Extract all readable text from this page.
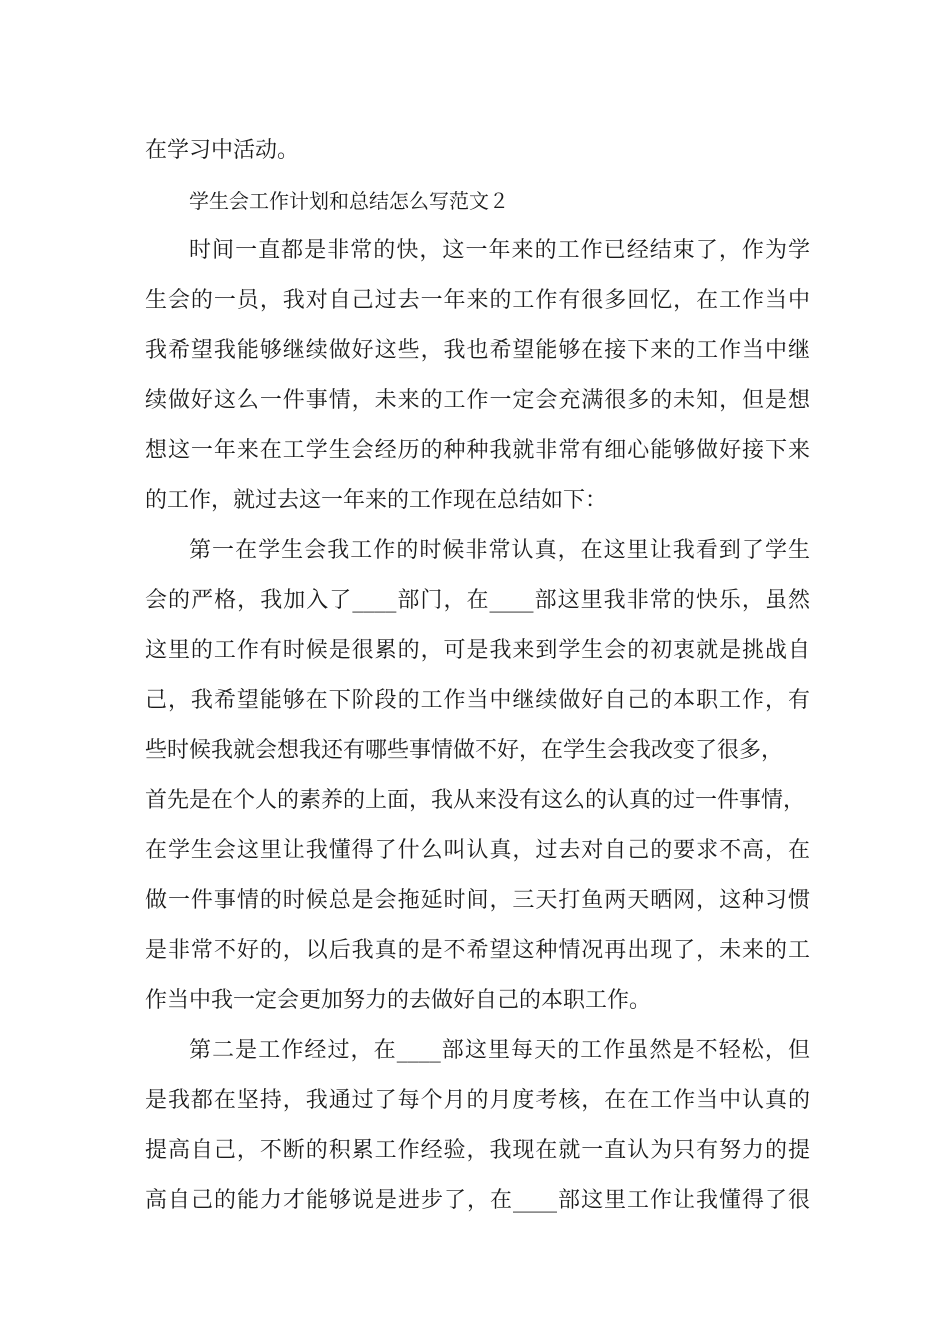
在学习中活动。
学生会工作计划和总结怎么写范文２
时间一直都是非常的快，这一年来的工作已经结束了，作为学
生会的一员，我对自己过去一年来的工作有很多回忆，在工作当中
我希望我能够继续做好这些，我也希望能够在接下来的工作当中继
续做好这么一件事情，未来的工作一定会充满很多的未知，但是想
想这一年来在工学生会经历的种种我就非常有细心能够做好接下来
的工作，就过去这一年来的工作现在总结如下：
第一在学生会我工作的时候非常认真，在这里让我看到了学生
会的严格，我加入了____部门，在____部这里我非常的快乐，虽然
这里的工作有时候是很累的，可是我来到学生会的初衷就是挑战自
己，我希望能够在下阶段的工作当中继续做好自己的本职工作，有
些时候我就会想我还有哪些事情做不好，在学生会我改变了很多，
首先是在个人的素养的上面，我从来没有这么的认真的过一件事情，
在学生会这里让我懂得了什么叫认真，过去对自己的要求不高，在
做一件事情的时候总是会拖延时间，三天打鱼两天晒网，这种习惯
是非常不好的，以后我真的是不希望这种情况再出现了，未来的工
作当中我一定会更加努力的去做好自己的本职工作。
第二是工作经过，在____部这里每天的工作虽然是不轻松，但
是我都在坚持，我通过了每个月的月度考核，在在工作当中认真的
提高自己，不断的积累工作经验，我现在就一直认为只有努力的提
高自己的能力才能够说是进步了，在____部这里工作让我懂得了很
